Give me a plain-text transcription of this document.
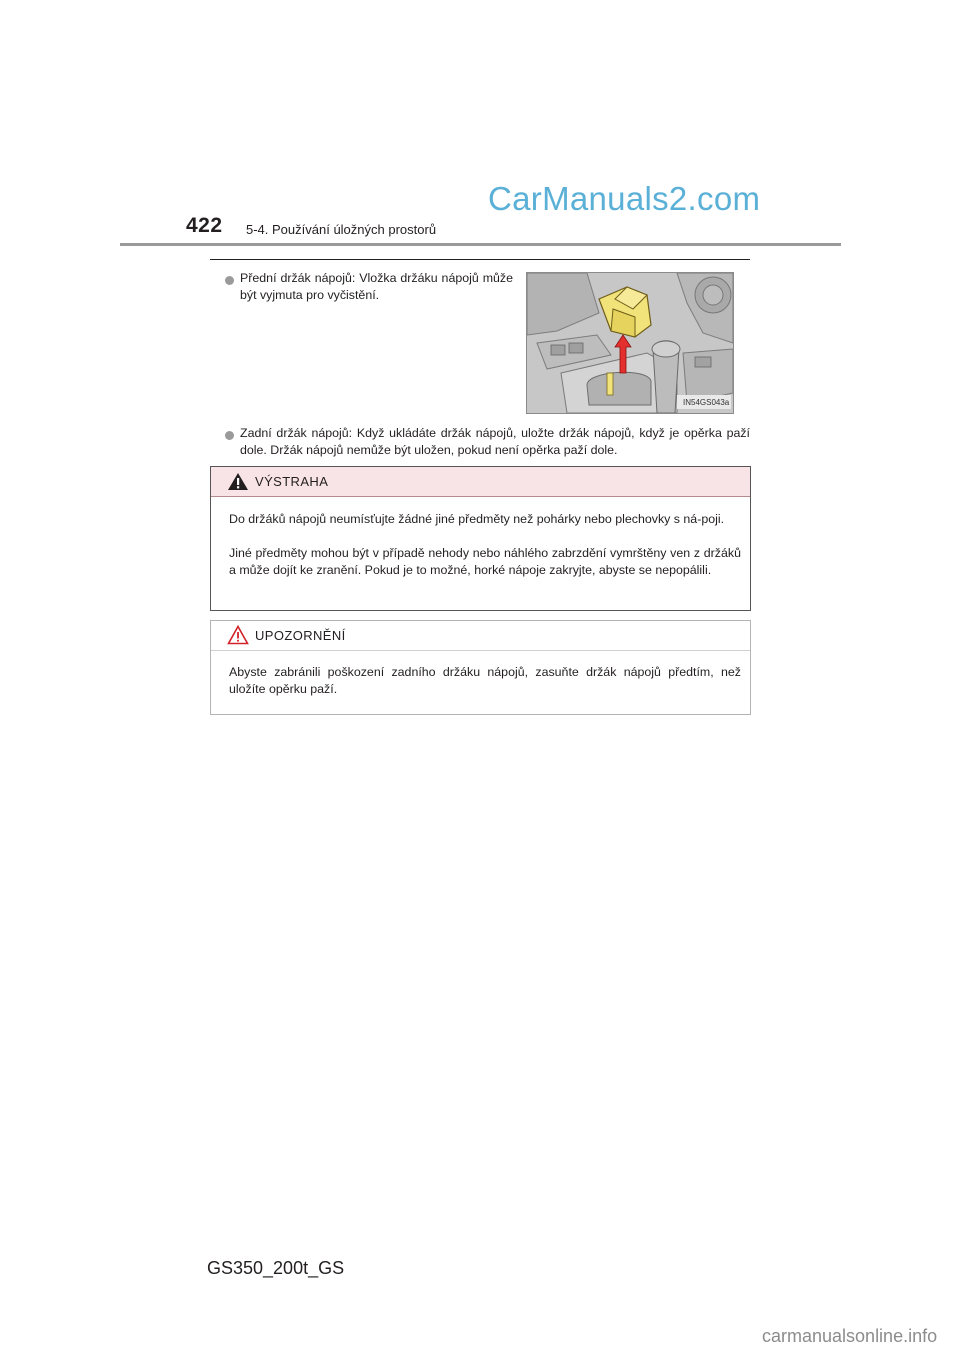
422 5-4. Používání úložných prostorů
CarManuals2.com
Přední držák nápojů: Vložka držáku nápojů může být vyjmuta pro vyčistění.
IN54GS043a
Zadní držák nápojů: Když ukládáte držák nápojů, uložte držák nápojů, když je opěrka paží dole. Držák nápojů nemůže být uložen, pokud není opěrka paží dole.
VÝSTRAHA
Do držáků nápojů neumísťujte žádné jiné předměty než pohárky nebo plechovky s ná-poji.
Jiné předměty mohou být v případě nehody nebo náhlého zabrzdění vymrštěny ven z držáků a může dojít ke zranění. Pokud je to možné, horké nápoje zakryjte, abyste se nepopálili.
UPOZORNĚNÍ
Abyste zabránili poškození zadního držáku nápojů, zasuňte držák nápojů předtím, než uložíte opěrku paží.
GS350_200t_GS
carmanualsonline.info
